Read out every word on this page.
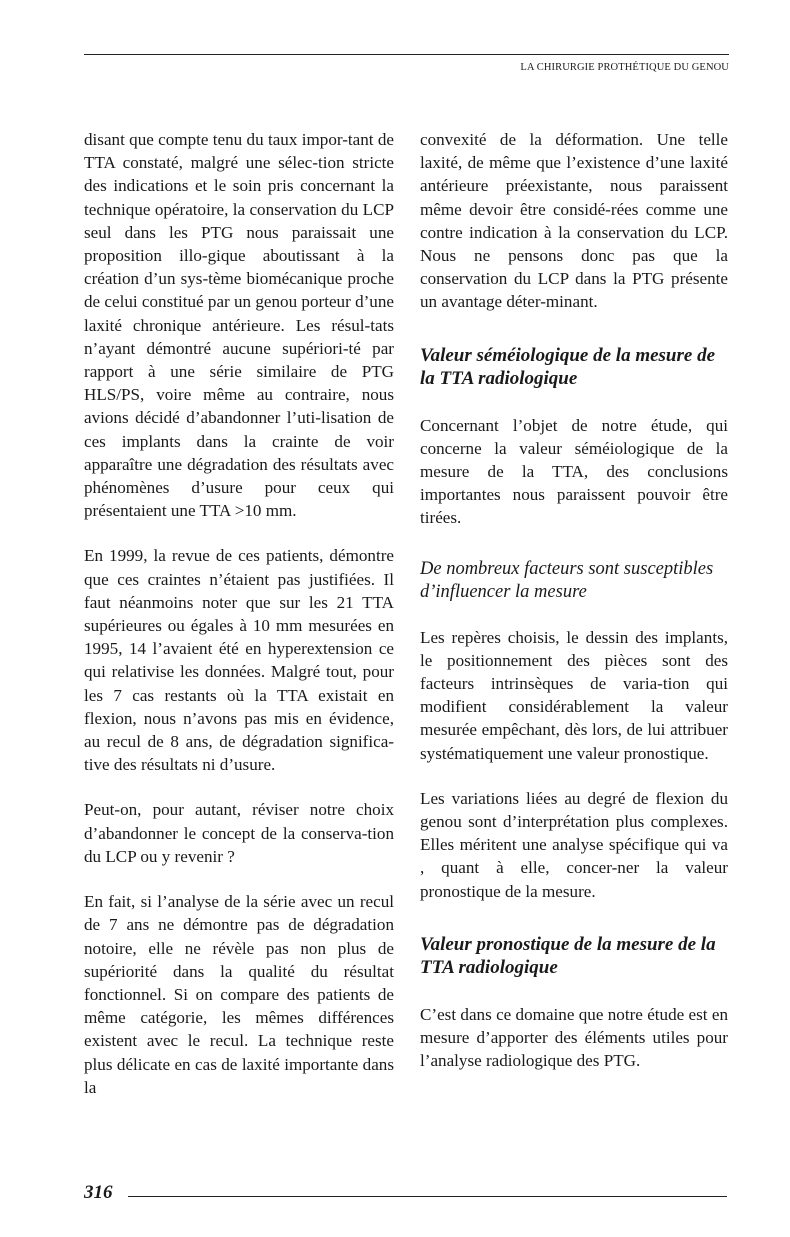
LA CHIRURGIE PROTHÉTIQUE DU GENOU

disant que compte tenu du taux impor-tant de TTA constaté, malgré une sélec-tion stricte des indications et le soin pris concernant la technique opératoire, la conservation du LCP seul dans les PTG nous paraissait une proposition illo-gique aboutissant à la création d’un sys-tème biomécanique proche de celui constitué par un genou porteur d’une laxité chronique antérieure. Les résul-tats n’ayant démontré aucune supériori-té par rapport à une série similaire de PTG HLS/PS, voire même au contraire, nous avions décidé d’abandonner l’uti-lisation de ces implants dans la crainte de voir apparaître une dégradation des résultats avec phénomènes d’usure pour ceux qui présentaient une TTA >10 mm.

En 1999, la revue de ces patients, démontre que ces craintes n’étaient pas justifiées. Il faut néanmoins noter que sur les 21 TTA supérieures ou égales à 10 mm mesurées en 1995, 14 l’avaient été en hyperextension ce qui relativise les données. Malgré tout, pour les 7 cas restants où la TTA existait en flexion, nous n’avons pas mis en évidence, au recul de 8 ans, de dégradation significa-tive des résultats ni d’usure.

Peut-on, pour autant, réviser notre choix d’abandonner le concept de la conserva-tion du LCP ou y revenir ?

En fait, si l’analyse de la série avec un recul de 7 ans ne démontre pas de dégradation notoire, elle ne révèle pas non plus de supériorité dans la qualité du résultat fonctionnel. Si on compare des patients de même catégorie, les mêmes différences existent avec le recul. La technique reste plus délicate en cas de laxité importante dans la

convexité de la déformation. Une telle laxité, de même que l’existence d’une laxité antérieure préexistante, nous paraissent même devoir être considé-rées comme une contre indication à la conservation du LCP. Nous ne pensons donc pas que la conservation du LCP dans la PTG présente un avantage déter-minant.

Valeur séméiologique de la mesure de la TTA radiologique

Concernant l’objet de notre étude, qui concerne la valeur séméiologique de la mesure de la TTA, des conclusions importantes nous paraissent pouvoir être tirées.

De nombreux facteurs sont susceptibles d’influencer la mesure

Les repères choisis, le dessin des implants, le positionnement des pièces sont des facteurs intrinsèques de varia-tion qui modifient considérablement la valeur mesurée empêchant, dès lors, de lui attribuer systématiquement une valeur pronostique.

Les variations liées au degré de flexion du genou sont d’interprétation plus complexes. Elles méritent une analyse spécifique qui va , quant à elle, concer-ner la valeur pronostique de la mesure.

Valeur pronostique de la mesure de la TTA radiologique

C’est dans ce domaine que notre étude est en mesure d’apporter des éléments utiles pour l’analyse radiologique des PTG.

316
